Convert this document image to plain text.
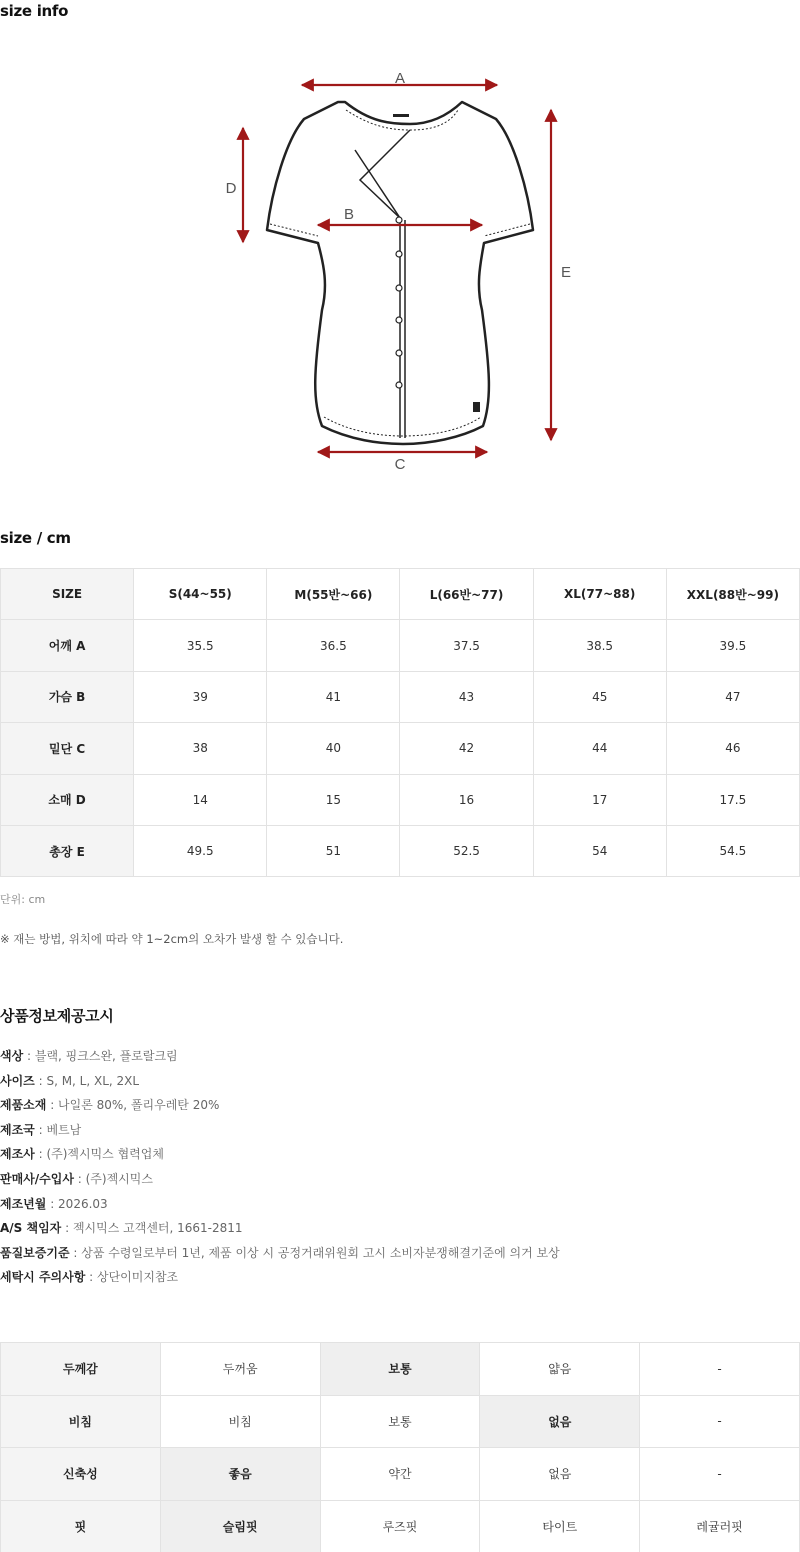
size info
A
B
C
D
E
size / cm
SIZE	S(44~55)	M(55반~66)	L(66반~77)	XL(77~88)	XXL(88반~99)
어깨 A	35.5	36.5	37.5	38.5	39.5
가슴 B	39	41	43	45	47
밑단 C	38	40	42	44	46
소매 D	14	15	16	17	17.5
총장 E	49.5	51	52.5	54	54.5
단위: cm
※ 재는 방법, 위치에 따라 약 1~2cm의 오차가 발생 할 수 있습니다.
상품정보제공고시
색상 : 블랙, 핑크스완, 플로랄크림
사이즈 : S, M, L, XL, 2XL
제품소재 : 나일론 80%, 폴리우레탄 20%
제조국 : 베트남
제조사 : (주)젝시믹스 협력업체
판매사/수입사 : (주)젝시믹스
제조년월 : 2026.03
A/S 책임자 : 젝시믹스 고객센터, 1661-2811
품질보증기준 : 상품 수령일로부터 1년, 제품 이상 시 공정거래위원회 고시 소비자분쟁해결기준에 의거 보상
세탁시 주의사항 : 상단이미지참조
두께감	두꺼움	보통	얇음	-
비침	비침	보통	없음	-
신축성	좋음	약간	없음	-
핏	슬림핏	루즈핏	타이트	레귤러핏
